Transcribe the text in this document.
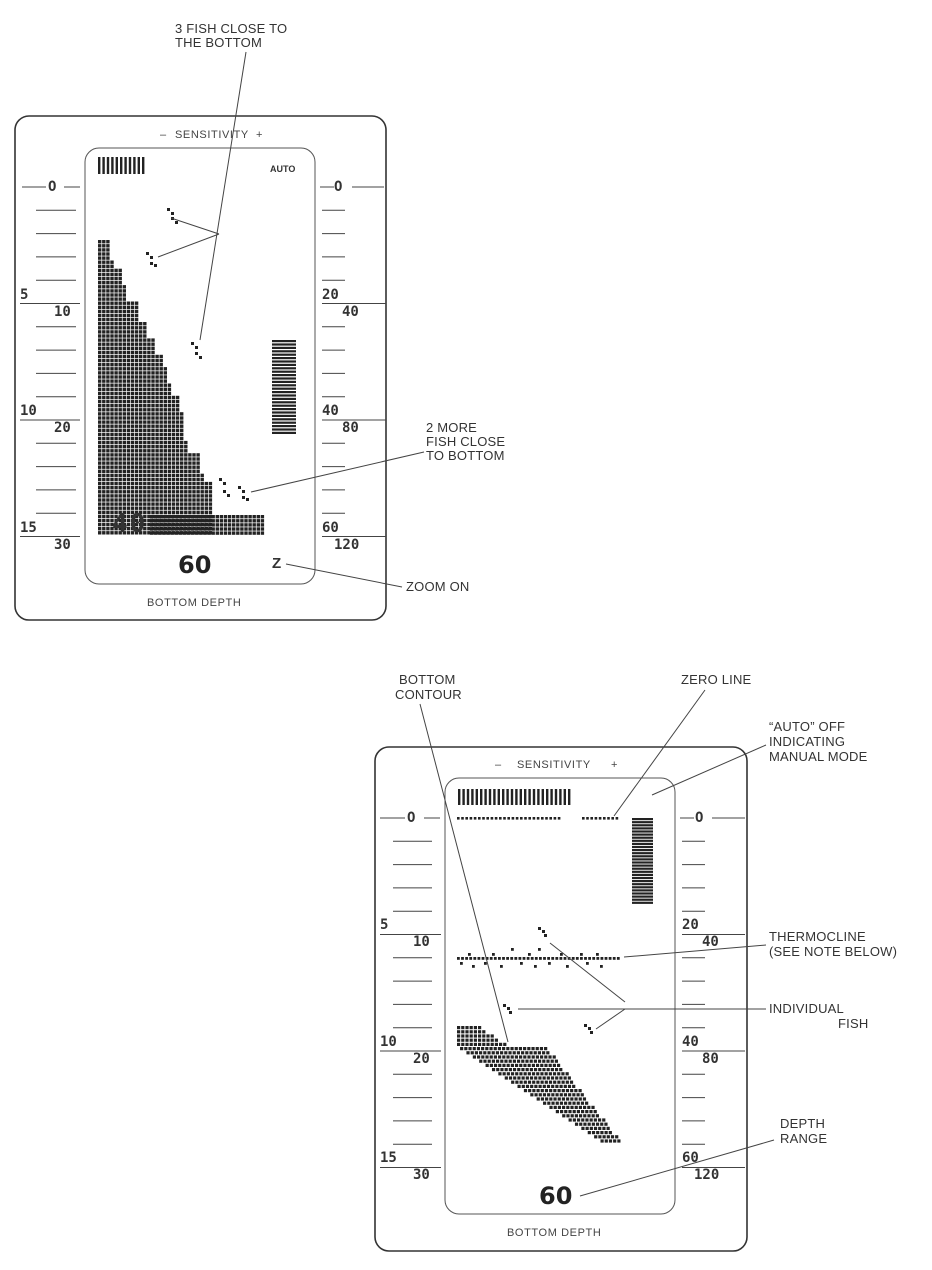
– SENSITIVITY +
AUTO
O
5
10
10
20
15
30
O
20
40
40
80
60
120
40
60	Z
BOTTOM DEPTH
3 FISH CLOSE TO
THE BOTTOM
2 MORE
FISH CLOSE
TO BOTTOM
ZOOM ON
– SENSITIVITY +
O
5
10
10
20
15
30
O
20
40
40
80
60
120
60
BOTTOM DEPTH
BOTTOM
CONTOUR
ZERO LINE
“AUTO” OFF
INDICATING
MANUAL MODE
THERMOCLINE
(SEE NOTE BELOW)
INDIVIDUAL
FISH
DEPTH
RANGE
